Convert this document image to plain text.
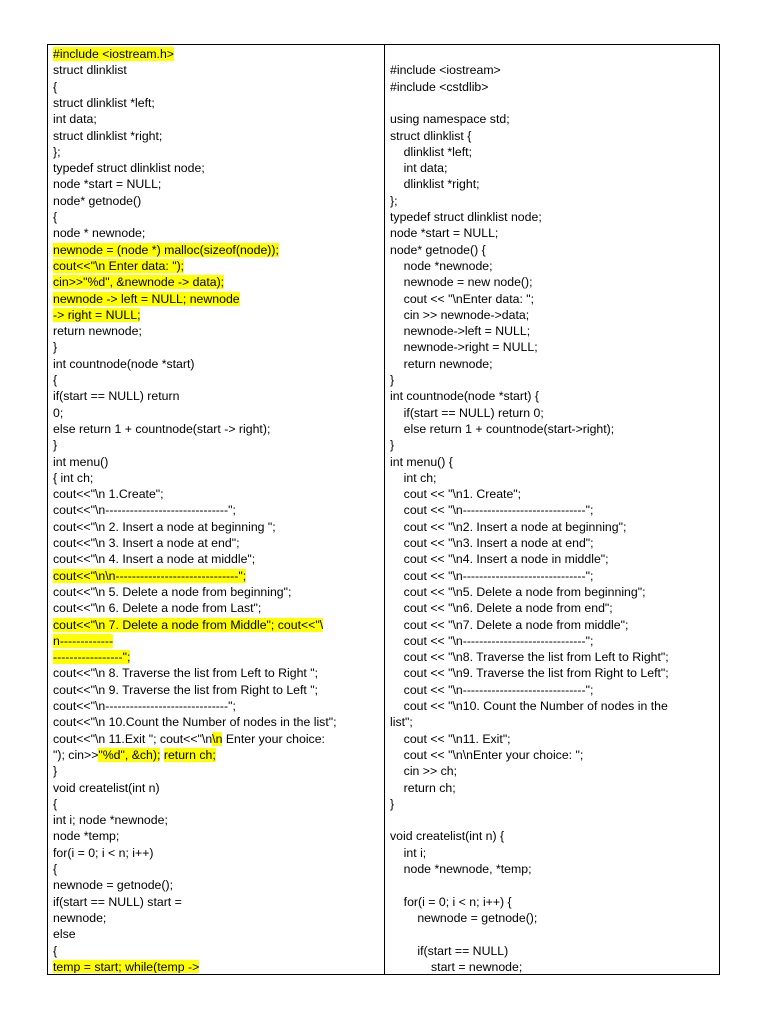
#include <iostream.h>
struct dlinklist
{
struct dlinklist *left;
int data;
struct dlinklist *right;
};
typedef struct dlinklist node;
node *start = NULL;
node* getnode()
{
node * newnode;
newnode = (node *) malloc(sizeof(node));
cout<<"\n Enter data: ");
cin>>"%d", &newnode -> data);
newnode -> left = NULL; newnode
-> right = NULL;
return newnode;
}
int countnode(node *start)
{
if(start == NULL) return
0;
else return 1 + countnode(start -> right);
}
int menu()
{ int ch;
cout<<"\n 1.Create";
cout<<"\n------------------------------";
cout<<"\n 2. Insert a node at beginning ";
cout<<"\n 3. Insert a node at end";
cout<<"\n 4. Insert a node at middle";
cout<<"\n\n------------------------------";
cout<<"\n 5. Delete a node from beginning";
cout<<"\n 6. Delete a node from Last";
cout<<"\n 7. Delete a node from Middle"; cout<<"\
n-------------
-----------------";
cout<<"\n 8. Traverse the list from Left to Right ";
cout<<"\n 9. Traverse the list from Right to Left ";
cout<<"\n------------------------------";
cout<<"\n 10.Count the Number of nodes in the list";
cout<<"\n 11.Exit "; cout<<"\n\n Enter your choice:
"); cin>>"%d", &ch); return ch;
}
void createlist(int n)
{
int i; node *newnode;
node *temp;
for(i = 0; i < n; i++)
{
newnode = getnode();
if(start == NULL) start =
newnode;
else
{
temp = start; while(temp ->
#include <iostream>
#include <cstdlib>
using namespace std;
struct dlinklist {
dlinklist *left;
int data;
dlinklist *right;
};
typedef struct dlinklist node;
node *start = NULL;
node* getnode() {
node *newnode;
newnode = new node();
cout << "\nEnter data: ";
cin >> newnode->data;
newnode->left = NULL;
newnode->right = NULL;
return newnode;
}
int countnode(node *start) {
if(start == NULL) return 0;
else return 1 + countnode(start->right);
}
int menu() {
int ch;
cout << "\n1. Create";
cout << "\n------------------------------";
cout << "\n2. Insert a node at beginning";
cout << "\n3. Insert a node at end";
cout << "\n4. Insert a node in middle";
cout << "\n------------------------------";
cout << "\n5. Delete a node from beginning";
cout << "\n6. Delete a node from end";
cout << "\n7. Delete a node from middle";
cout << "\n------------------------------";
cout << "\n8. Traverse the list from Left to Right";
cout << "\n9. Traverse the list from Right to Left";
cout << "\n------------------------------";
cout << "\n10. Count the Number of nodes in the
list";
cout << "\n11. Exit";
cout << "\n\nEnter your choice: ";
cin >> ch;
return ch;
}
void createlist(int n) {
int i;
node *newnode, *temp;
for(i = 0; i < n; i++) {
newnode = getnode();
if(start == NULL)
start = newnode;
